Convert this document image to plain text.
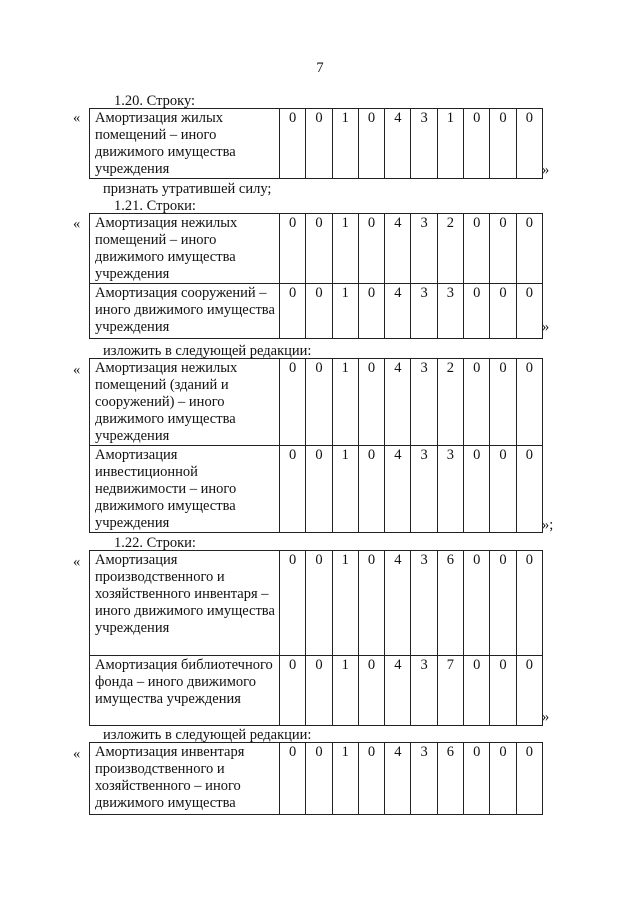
7
1.20. Строку:
« Амортизация жилых помещений – иного движимого имущества учреждения	0	0	1	0	4	3	1	0	0	0
»
признать утратившей силу;
1.21. Строки:
« Амортизация нежилых помещений – иного движимого имущества учреждения	0	0	1	0	4	3	2	0	0	0
Амортизация сооружений – иного движимого имущества учреждения	0	0	1	0	4	3	3	0	0	0
»
изложить в следующей редакции:
« Амортизация нежилых помещений (зданий и сооружений) – иного движимого имущества учреждения	0	0	1	0	4	3	2	0	0	0
Амортизация инвестиционной недвижимости – иного движимого имущества учреждения	0	0	1	0	4	3	3	0	0	0
»;
1.22. Строки:
« Амортизация производственного и хозяйственного инвентаря – иного движимого имущества учреждения	0	0	1	0	4	3	6	0	0	0
Амортизация библиотечного фонда – иного движимого имущества учреждения	0	0	1	0	4	3	7	0	0	0
»
изложить в следующей редакции:
« Амортизация инвентаря производственного и хозяйственного – иного движимого имущества	0	0	1	0	4	3	6	0	0	0
